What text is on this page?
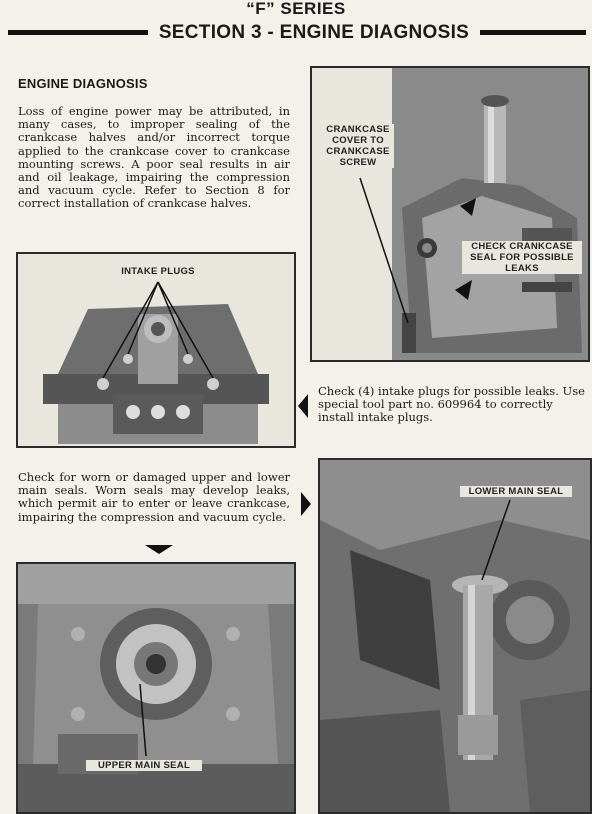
“F” SERIES
SECTION 3 - ENGINE DIAGNOSIS
ENGINE DIAGNOSIS
Loss of engine power may be attributed, in many cases, to improper sealing of the crankcase halves and/or incorrect torque applied to the crankcase cover to crankcase mounting screws. A poor seal results in air and oil leakage, impairing the compression and vacuum cycle. Refer to Section 8 for correct installation of crankcase halves.
CRANKCASE
COVER TO
CRANKCASE
SCREW
CHECK CRANKCASE
SEAL FOR POSSIBLE
LEAKS
INTAKE PLUGS
Check (4) intake plugs for possible leaks. Use special tool part no. 609964 to correctly install intake plugs.
Check for worn or damaged upper and lower main seals. Worn seals may develop leaks, which permit air to enter or leave crankcase, impairing the compression and vacuum cycle.
LOWER MAIN SEAL
UPPER MAIN SEAL
